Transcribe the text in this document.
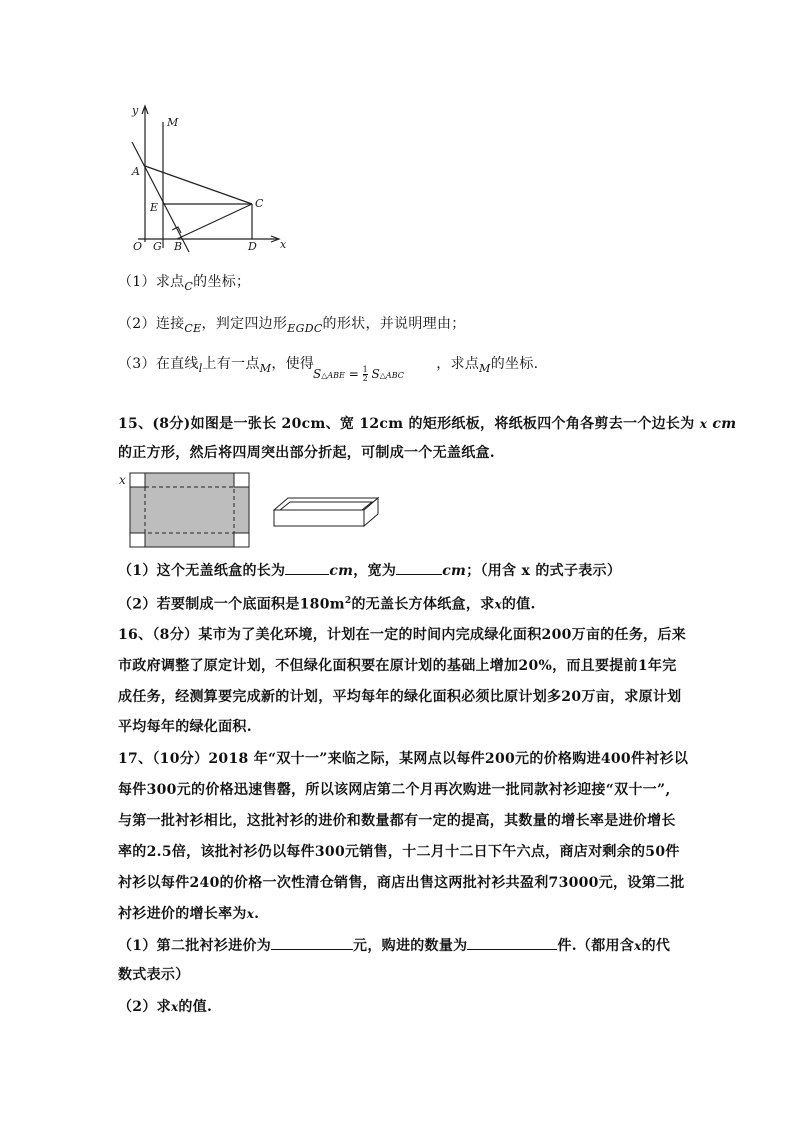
y
M
A
E	C
O G B	D x
（1）求点$_C$的坐标；
（2）连接$_{CE}$，判定四边形$_{EGDC}$的形状，并说明理由；
（3）在直线$_l$上有一点$_M$，使得	，求点$_M$的坐标.
S△ABE = $\frac{1}{2}$ S△ABC
15、(8分)如图是一张长 20cm、宽 12cm 的矩形纸板，将纸板四个角各剪去一个边长为 x cm
的正方形，然后将四周突出部分折起，可制成一个无盖纸盒.
x
（1）这个无盖纸盒的长为	cm，宽为	cm；（用含 x 的式子表示）
（2）若要制成一个底面积是$180m^2$的无盖长方体纸盒，求x的值.
16、（8分）某市为了美化环境，计划在一定的时间内完成绿化面积200万亩的任务，后来
市政府调整了原定计划，不但绿化面积要在原计划的基础上增加20%，而且要提前1年完
成任务，经测算要完成新的计划，平均每年的绿化面积必须比原计划多20万亩，求原计划
平均每年的绿化面积.
17、（10分）2018 年“双十一”来临之际，某网点以每件200元的价格购进400件衬衫以
每件300元的价格迅速售罄，所以该网店第二个月再次购进一批同款衬衫迎接“双十一”,
与第一批衬衫相比，这批衬衫的进价和数量都有一定的提高，其数量的增长率是进价增长
率的2.5倍，该批衬衫仍以每件300元销售，十二月十二日下午六点，商店对剩余的50件
衬衫以每件240的价格一次性清仓销售，商店出售这两批衬衫共盈利73000元，设第二批
衬衫进价的增长率为x.
（1）第二批衬衫进价为	元，购进的数量为	件.（都用含x的代
数式表示）
（2）求x的值.
